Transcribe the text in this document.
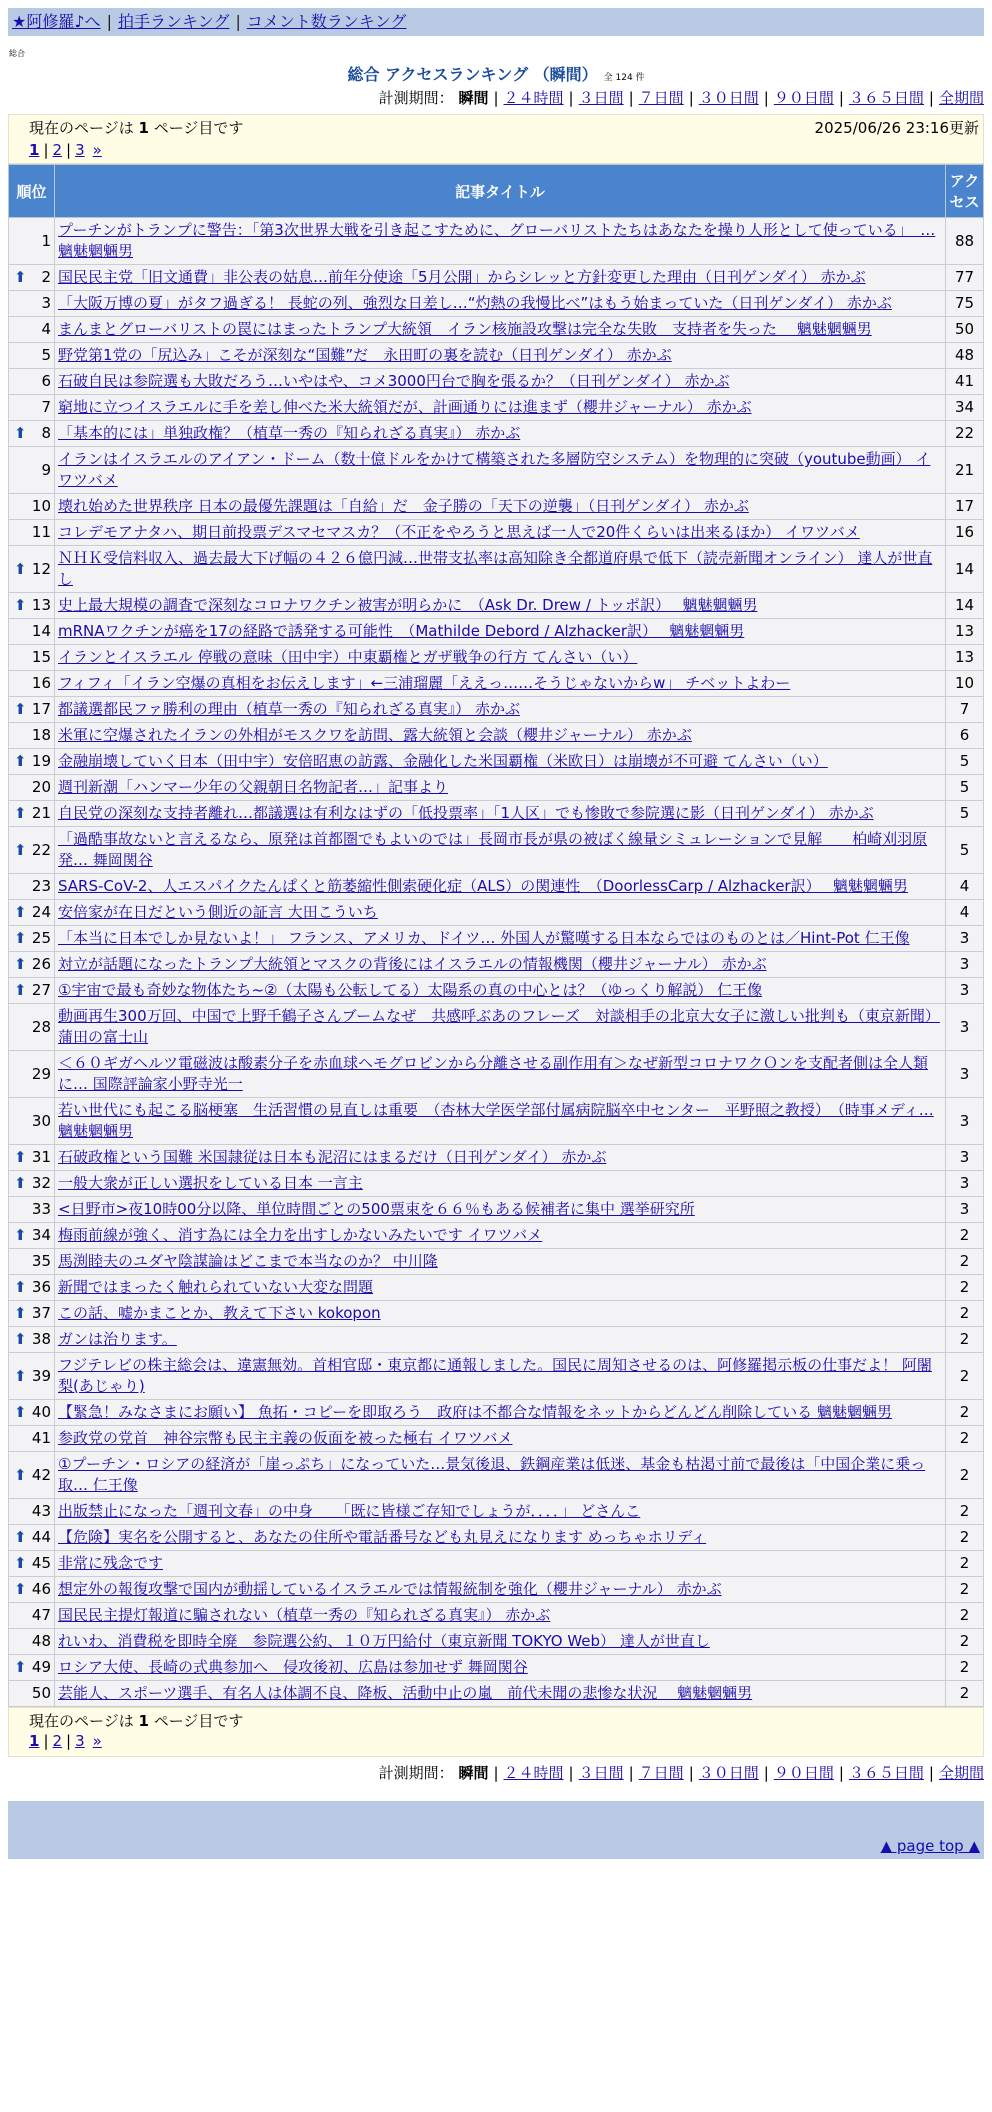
★阿修羅♪へ | 拍手ランキング | コメント数ランキング
総合
総合 アクセスランキング （瞬間） 全 124 件
計測期間： 瞬間 | ２４時間 | ３日間 | ７日間 | ３０日間 | ９０日間 | ３６５日間 | 全期間
現在のページは 1 ページ目です	2025/06/26 23:16更新
1 | 2 | 3 »
順位	記事タイトル	アクセス
1	プーチンがトランプに警告：「第3次世界大戦を引き起こすために、グローバリストたちはあなたを操り人形として使っている」　… 魑魅魍魎男	88

⬆ 2	国民民主党「旧文通費」非公表の姑息…前年分使途「5月公開」からシレッと方針変更した理由（日刊ゲンダイ） 赤かぶ	77
3	「大阪万博の夏」がタフ過ぎる！ 長蛇の列、強烈な日差し…“灼熱の我慢比べ”はもう始まっていた（日刊ゲンダイ） 赤かぶ	75
4	まんまとグローバリストの罠にはまったトランプ大統領　イラン核施設攻撃は完全な失敗　支持者を失った　 魑魅魍魎男	50
5	野党第1党の「尻込み」こそが深刻な“国難”だ　永田町の裏を読む（日刊ゲンダイ） 赤かぶ	48
6	石破自民は参院選も大敗だろう…いやはや、コメ3000円台で胸を張るか？（日刊ゲンダイ） 赤かぶ	41
7	窮地に立つイスラエルに手を差し伸べた米大統領だが、計画通りには進まず（櫻井ジャーナル） 赤かぶ	34

⬆ 8	「基本的には」単独政権？（植草一秀の『知られざる真実』） 赤かぶ	22
9	イランはイスラエルのアイアン・ドーム（数十億ドルをかけて構築された多層防空システム）を物理的に突破（youtube動画） イワツバメ	21
10	壊れ始めた世界秩序 日本の最優先課題は「自給」だ　金子勝の「天下の逆襲」（日刊ゲンダイ） 赤かぶ	17
11	コレデモアナタハ、期日前投票デスマセマスカ？（不正をやろうと思えば一人で20件くらいは出来るほか） イワツバメ	16

⬆ 12	ＮＨＫ受信料収入、過去最大下げ幅の４２６億円減…世帯支払率は高知除き全都道府県で低下（読売新聞オンライン） 達人が世直し	14

⬆ 13	史上最大規模の調査で深刻なコロナワクチン被害が明らかに　（Ask Dr. Drew / トッポ訳）　 魑魅魍魎男	14
14	mRNAワクチンが癌を17の経路で誘発する可能性　（Mathilde Debord / Alzhacker訳）　 魑魅魍魎男	13
15	イランとイスラエル 停戦の意味（田中宇）中東覇権とガザ戦争の行方 てんさい（い）	13
16	フィフィ「イラン空爆の真相をお伝えします」←三浦瑠麗「ええっ……そうじゃないからw」 チベットよわー	10

⬆ 17	都議選都民ファ勝利の理由（植草一秀の『知られざる真実』） 赤かぶ	7
18	米軍に空爆されたイランの外相がモスクワを訪問、露大統領と会談（櫻井ジャーナル） 赤かぶ	6

⬆ 19	金融崩壊していく日本（田中宇）安倍昭恵の訪露、金融化した米国覇権（米欧日）は崩壊が不可避 てんさい（い）	5
20	週刊新潮「ハンマー少年の父親朝日名物記者…」記事より	5

⬆ 21	自民党の深刻な支持者離れ…都議選は有利なはずの「低投票率」「1人区」でも惨敗で参院選に影（日刊ゲンダイ） 赤かぶ	5

⬆ 22	「過酷事故ないと言えるなら、原発は首都圏でもよいのでは」長岡市長が県の被ばく線量シミュレーションで見解　　柏崎刈羽原発… 舞岡関谷	5
23	SARS-CoV-2、人エスパイクたんぱくと筋萎縮性側索硬化症（ALS）の関連性　（DoorlessCarp / Alzhacker訳）　 魑魅魍魎男	4

⬆ 24	安倍家が在日だという側近の証言 大田こういち	4

⬆ 25	「本当に日本でしか見ないよ！」 フランス、アメリカ、ドイツ… 外国人が驚嘆する日本ならではのものとは／Hint-Pot 仁王像	3

⬆ 26	対立が話題になったトランプ大統領とマスクの背後にはイスラエルの情報機関（櫻井ジャーナル） 赤かぶ	3

⬆ 27	①宇宙で最も奇妙な物体たち~②（太陽も公転してる）太陽系の真の中心とは？（ゆっくり解説） 仁王像	3
28	動画再生300万回、中国で上野千鶴子さんブームなぜ　共感呼ぶあのフレーズ　対談相手の北京大女子に激しい批判も（東京新聞） 蒲田の富士山	3
29	＜６０ギガヘルツ電磁波は酸素分子を赤血球ヘモグロビンから分離させる副作用有＞なぜ新型コロナワクＯンを支配者側は全人類に… 国際評論家小野寺光一	3
30	若い世代にも起こる脳梗塞　生活習慣の見直しは重要　（杏林大学医学部付属病院脳卒中センター　平野照之教授）　（時事メディ… 魑魅魍魎男	3

⬆ 31	石破政権という国難 米国隷従は日本も泥沼にはまるだけ（日刊ゲンダイ） 赤かぶ	3

⬆ 32	一般大衆が正しい選択をしている日本 一言主	3
33	<日野市>夜10時00分以降、単位時間ごとの500票束を６６％もある候補者に集中 選挙研究所	3

⬆ 34	梅雨前線が強く、消す為には全力を出すしかないみたいです イワツバメ	2
35	馬渕睦夫のユダヤ陰謀論はどこまで本当なのか？ 中川隆	2

⬆ 36	新聞ではまったく触れられていない大変な問題	2

⬆ 37	この話、嘘かまことか、教えて下さい kokopon	2

⬆ 38	ガンは治ります。	2

⬆ 39	フジテレビの株主総会は、違憲無効。首相官邸・東京都に通報しました。国民に周知させるのは、阿修羅掲示板の仕事だよ！ 阿闍梨(あじゃり)	2

⬆ 40	【緊急！みなさまにお願い】 魚拓・コピーを即取ろう　政府は不都合な情報をネットからどんどん削除している 魑魅魍魎男	2
41	参政党の党首　神谷宗幣も民主主義の仮面を被った極右 イワツバメ	2

⬆ 42	①プーチン・ロシアの経済が「崖っぷち」になっていた…景気後退、鉄鋼産業は低迷、基金も枯渇寸前で最後は「中国企業に乗っ取… 仁王像	2
43	出版禁止になった「週刊文春」の中身　　「既に皆様ご存知でしょうが．．．．」 どさんこ	2

⬆ 44	【危険】実名を公開すると、あなたの住所や電話番号なども丸見えになります めっちゃホリディ	2

⬆ 45	非常に残念です	2

⬆ 46	想定外の報復攻撃で国内が動揺しているイスラエルでは情報統制を強化（櫻井ジャーナル） 赤かぶ	2
47	国民民主提灯報道に騙されない（植草一秀の『知られざる真実』） 赤かぶ	2
48	れいわ、消費税を即時全廃　参院選公約、１０万円給付（東京新聞 TOKYO Web） 達人が世直し	2

⬆ 49	ロシア大使、長崎の式典参加へ　侵攻後初、広島は参加せず 舞岡関谷	2
50	芸能人、スポーツ選手、有名人は体調不良、降板、活動中止の嵐　前代未聞の悲惨な状況　 魑魅魍魎男	2
現在のページは 1 ページ目です
1 | 2 | 3 »
計測期間： 瞬間 | ２４時間 | ３日間 | ７日間 | ３０日間 | ９０日間 | ３６５日間 | 全期間
▲ page top ▲
